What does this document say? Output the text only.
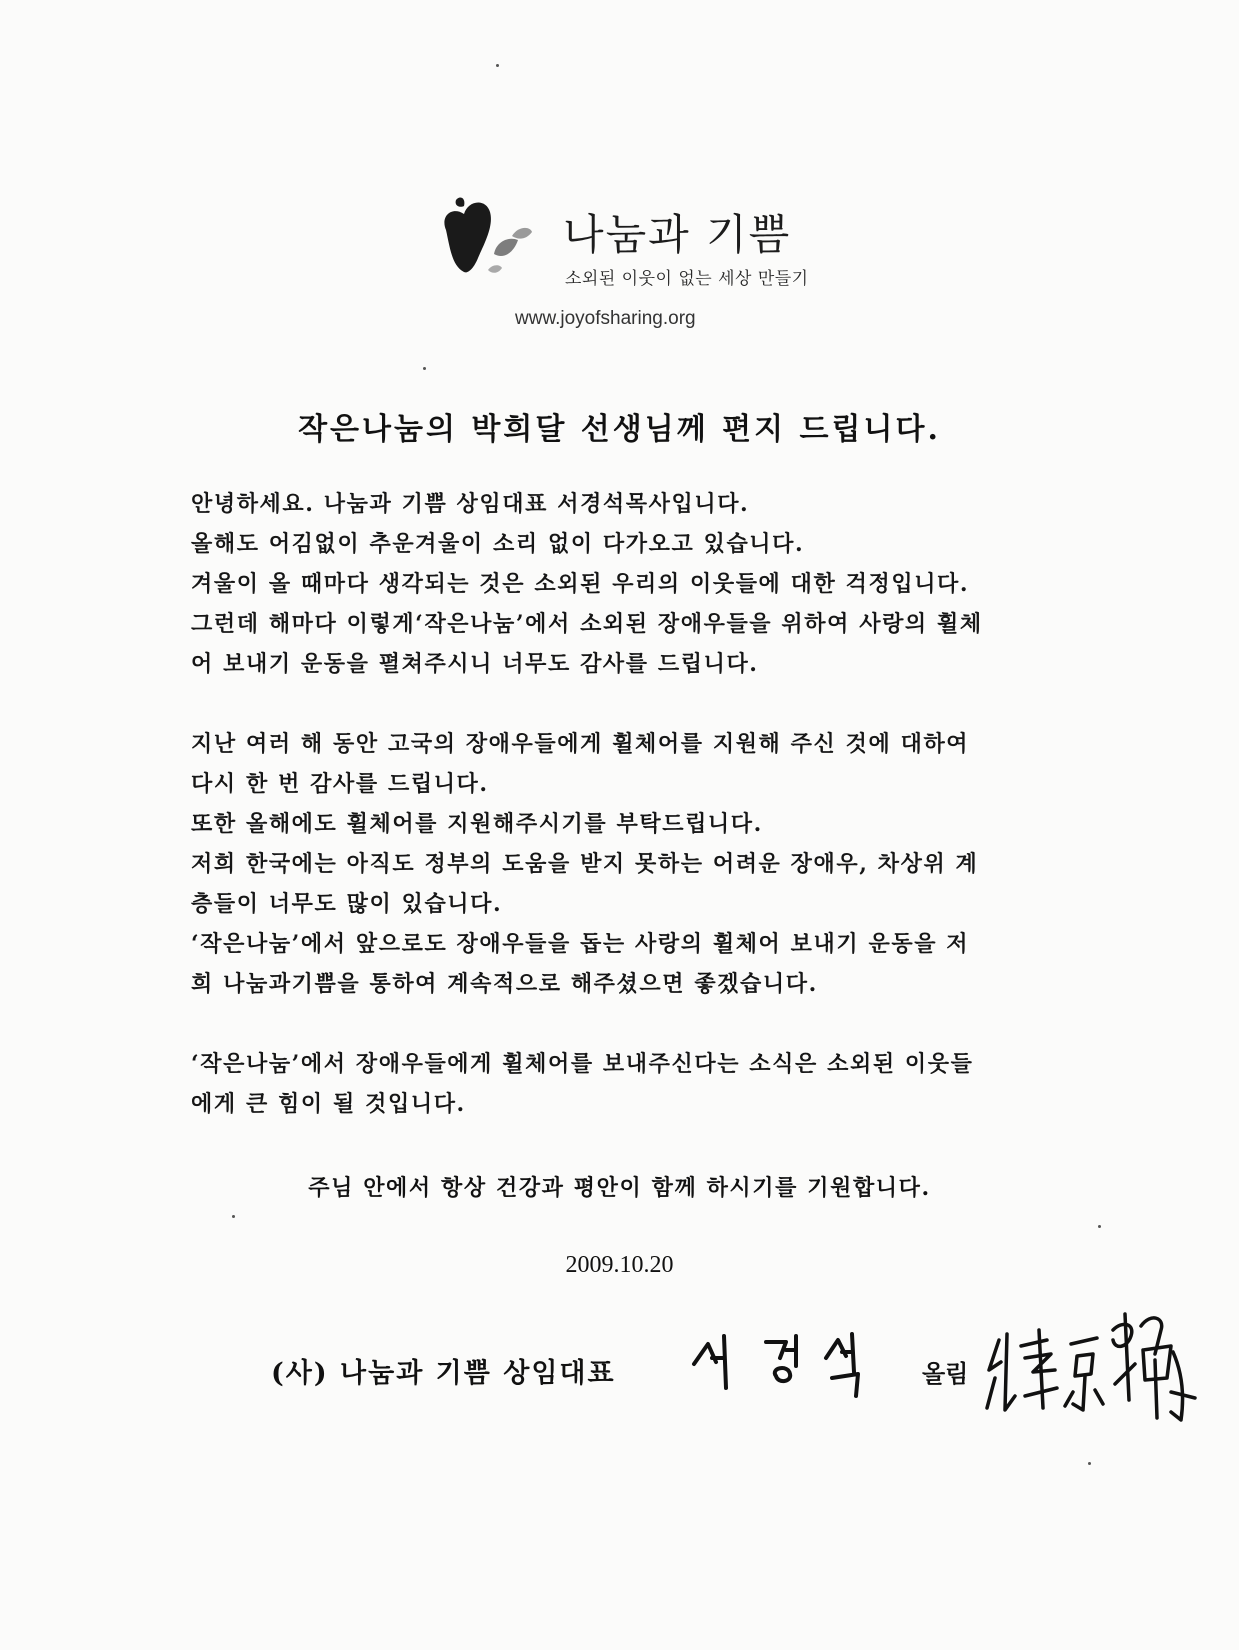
나눔과 기쁨
소외된 이웃이 없는 세상 만들기
www.joyofsharing.org
작은나눔의 박희달 선생님께 편지 드립니다.
안녕하세요. 나눔과 기쁨 상임대표 서경석목사입니다.
올해도 어김없이 추운겨울이 소리 없이 다가오고 있습니다.
겨울이 올 때마다 생각되는 것은 소외된 우리의 이웃들에 대한 걱정입니다.
그런데 해마다 이렇게‘작은나눔’에서 소외된 장애우들을 위하여 사랑의 휠체
어 보내기 운동을 펼쳐주시니 너무도 감사를 드립니다.
지난 여러 해 동안 고국의 장애우들에게 휠체어를 지원해 주신 것에 대하여
다시 한 번 감사를 드립니다.
또한 올해에도 휠체어를 지원해주시기를 부탁드립니다.
저희 한국에는 아직도 정부의 도움을 받지 못하는 어려운 장애우, 차상위 계
층들이 너무도 많이 있습니다.
‘작은나눔’에서 앞으로도 장애우들을 돕는 사랑의 휠체어 보내기 운동을 저
희 나눔과기쁨을 통하여 계속적으로 해주셨으면 좋겠습니다.
‘작은나눔’에서 장애우들에게 휠체어를 보내주신다는 소식은 소외된 이웃들
에게 큰 힘이 될 것입니다.
주님 안에서 항상 건강과 평안이 함께 하시기를 기원합니다.
2009.10.20
(사) 나눔과 기쁨 상임대표	올림
